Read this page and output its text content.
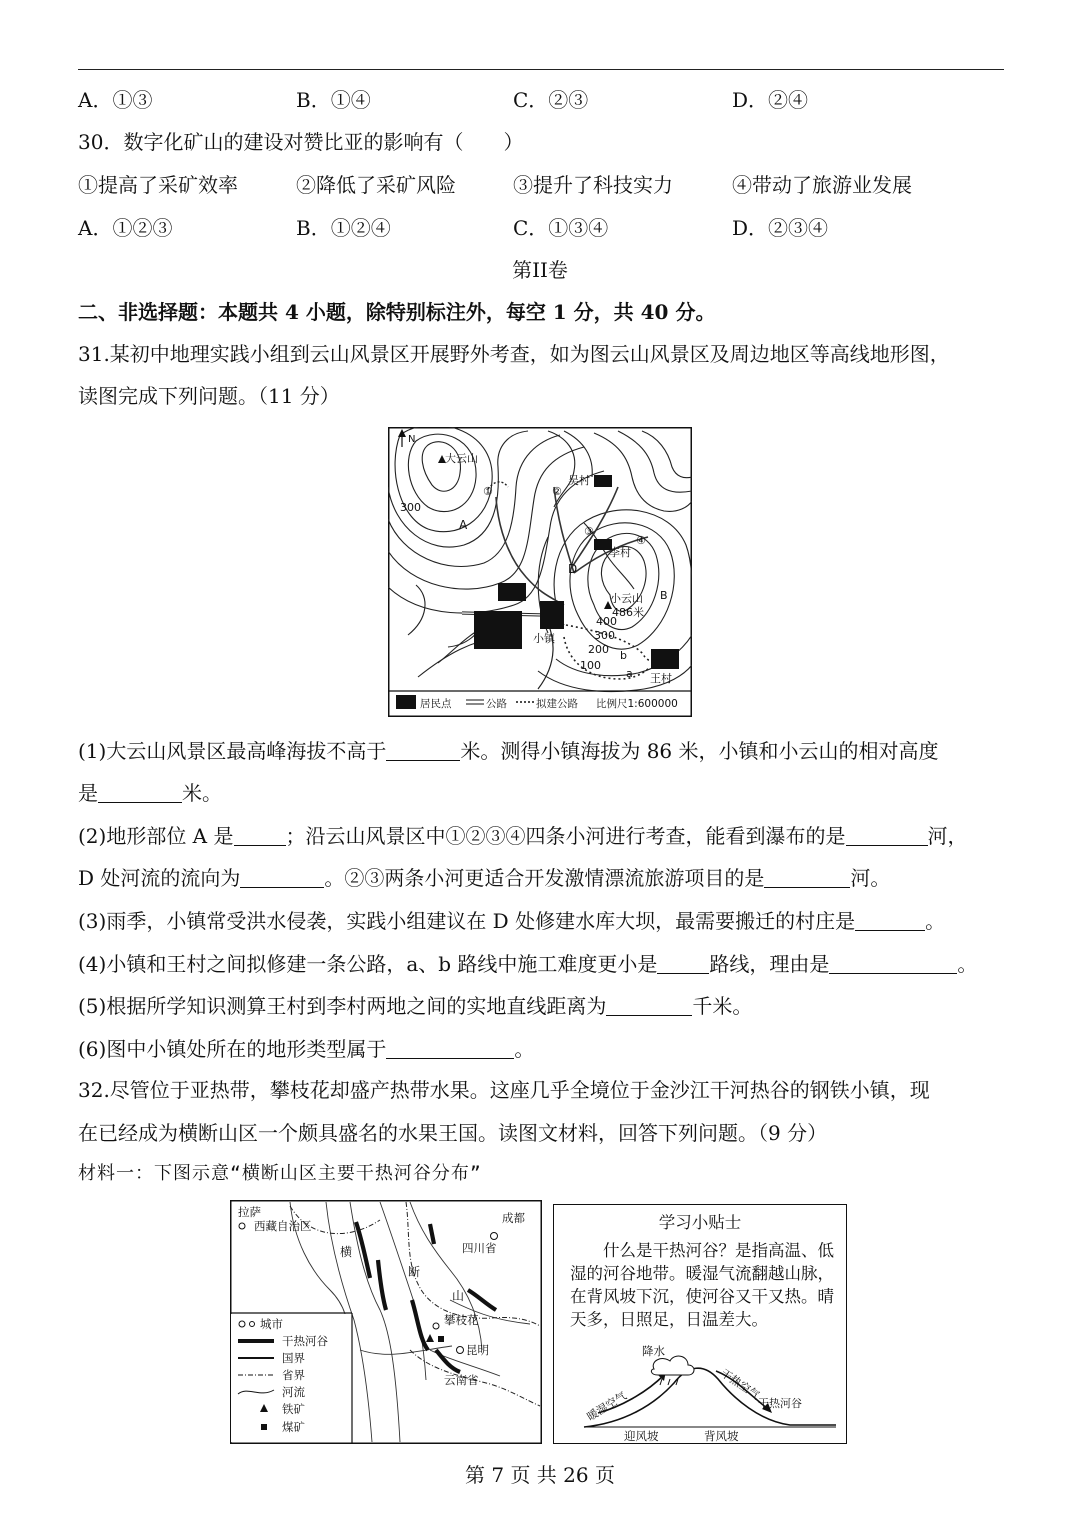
A．①③	B．①④	C．②③	D．②④
30．数字化矿山的建设对赞比亚的影响有（　　）
①提高了采矿效率	②降低了采矿风险	③提升了科技实力	④带动了旅游业发展
A．①②③	B．①②④	C．①③④	D．②③④
第II卷
二、非选择题：本题共 4 小题，除特别标注外，每空 1 分，共 40 分。
31.某初中地理实践小组到云山风景区开展野外考查，如为图云山风景区及周边地区等高线地形图，
读图完成下列问题。（11 分）
N
大云山
小云山
486米
300
400
300
200
100
A
B
D
a
b
①	②
③
④
吴村
李村
小镇
王村
居民点	公路	拟建公路 比例尺1:600000
(1)大云山风景区最高峰海拔不高于	米。测得小镇海拔为 86 米，小镇和小云山的相对高度
是	米。
(2)地形部位 A 是	；沿云山风景区中①②③④四条小河进行考查，能看到瀑布的是	河，
D 处河流的流向为	。②③两条小河更适合开发激情漂流旅游项目的是	河。
(3)雨季，小镇常受洪水侵袭，实践小组建议在 D 处修建水库大坝，最需要搬迁的村庄是	。
(4)小镇和王村之间拟修建一条公路，a、b 路线中施工难度更小是	路线，理由是	。
(5)根据所学知识测算王村到李村两地之间的实地直线距离为	千米。
(6)图中小镇处所在的地形类型属于	。
32.尽管位于亚热带，攀枝花却盛产热带水果。这座几乎全境位于金沙江干河热谷的钢铁小镇，现
在已经成为横断山区一个颇具盛名的水果王国。读图文材料，回答下列问题。（9 分）
材料一：下图示意“横断山区主要干热河谷分布”
拉萨
西藏自治区
成都
四川省
横
断
山
攀枝花
昆明
云南省
城市
干热河谷
国界
省界
河流
铁矿
煤矿
学习小贴士
什么是干热河谷？是指高温、低湿的河谷地带。暖湿气流翻越山脉，在背风坡下沉，使河谷又干又热。晴天多，日照足，日温差大。
降水
暖湿空气
干热空气
干热河谷
迎风坡	背风坡
第 7 页 共 26 页
